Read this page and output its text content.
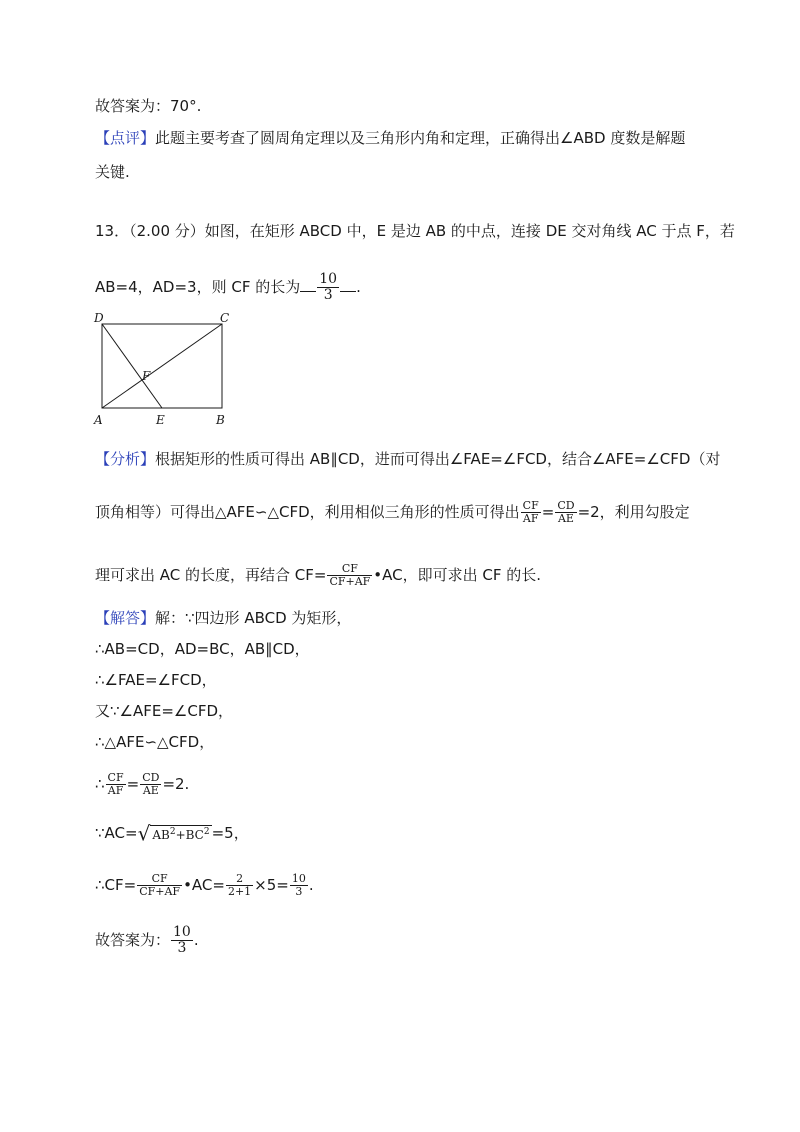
故答案为：70°.
【点评】此题主要考查了圆周角定理以及三角形内角和定理，正确得出∠ABD 度数是解题
关键.
13．（2.00 分）如图，在矩形 ABCD 中，E 是边 AB 的中点，连接 DE 交对角线 AC 于点 F，若
AB=4，AD=3，则 CF 的长为 $\frac{10}{3}$ .
D	C
F
A	E	B
【分析】根据矩形的性质可得出 AB∥CD，进而可得出∠FAE=∠FCD，结合∠AFE=∠CFD（对
顶角相等）可得出△AFE∽△CFD，利用相似三角形的性质可得出 $\frac{CF}{AF} = \frac{CD}{AE} =2$，利用勾股定
理可求出 AC 的长度，再结合 $CF= \frac{CF}{CF+AF}$ •AC，即可求出 CF 的长.
【解答】解：∵四边形 ABCD 为矩形，
∴AB=CD，AD=BC，AB∥CD，
∴∠FAE=∠FCD，
又∵∠AFE=∠CFD，
∴△AFE∽△CFD，
∴ $\frac{CF}{AF} = \frac{CD}{AE} =2$.
∵AC=√ $AB^2+BC^2 =5$，
∴CF= $\frac{CF}{CF+AF}$ •AC= $\frac{2}{2+1} \times 5= \frac{10}{3}$ .
故答案为： $\frac{10}{3}$ .
